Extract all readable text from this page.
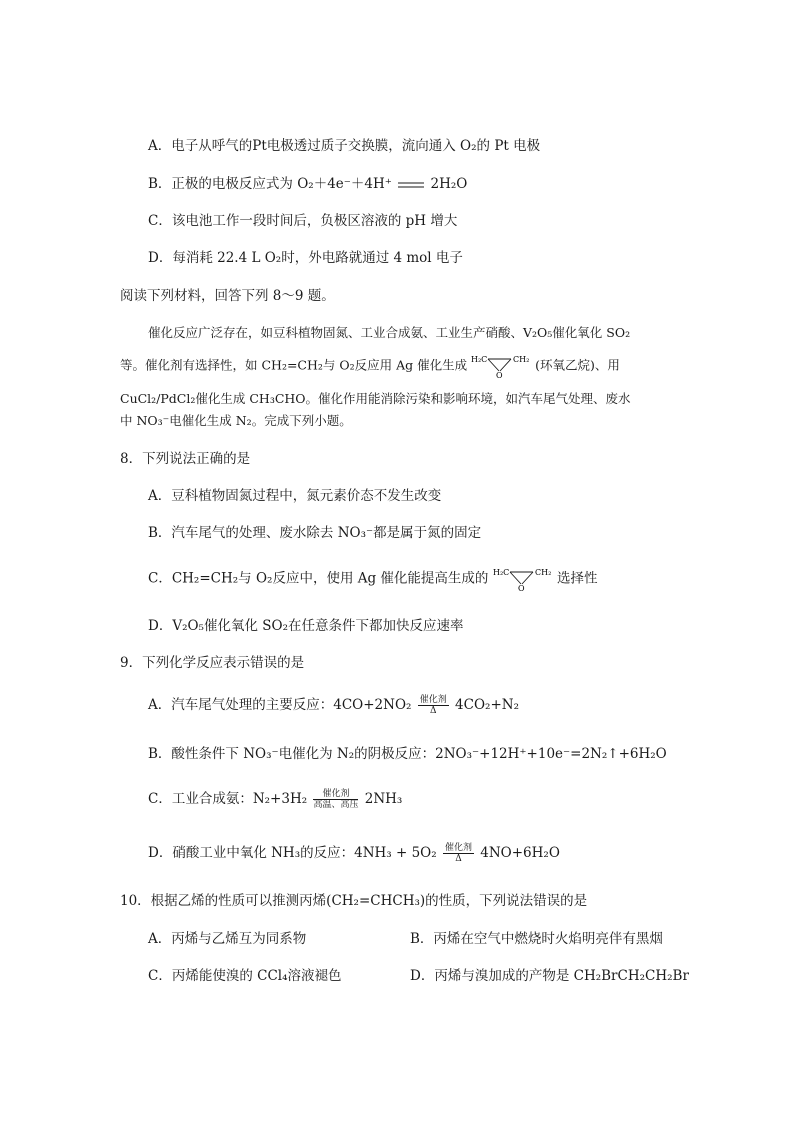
A．电子从呼气的Pt电极透过质子交换膜，流向通入 O₂的 Pt 电极
B．正极的电极反应式为 O₂＋4e⁻＋4H⁺	2H₂O
C．该电池工作一段时间后，负极区溶液的 pH 增大
D．每消耗 22.4 L O₂时，外电路就通过 4 mol 电子
阅读下列材料，回答下列 8～9 题。
催化反应广泛存在，如豆科植物固氮、工业合成氨、工业生产硝酸、V₂O₅催化氧化 SO₂
等。催化剂有选择性，如 CH₂=CH₂与 O₂反应用 Ag 催化生成 H₂C	CH₂
O
(环氧乙烷)、用
CuCl₂/PdCl₂催化生成 CH₃CHO。催化作用能消除污染和影响环境，如汽车尾气处理、废水
中 NO₃⁻电催化生成 N₂。完成下列小题。
8．下列说法正确的是
A．豆科植物固氮过程中，氮元素价态不发生改变
B．汽车尾气的处理、废水除去 NO₃⁻都是属于氮的固定
C．CH₂=CH₂与 O₂反应中，使用 Ag 催化能提高生成的 H₂C	CH₂
O
选择性
D．V₂O₅催化氧化 SO₂在任意条件下都加快反应速率
9．下列化学反应表示错误的是
A．汽车尾气处理的主要反应：4CO+2NO₂ 催化剂
Δ	4CO₂+N₂
B．酸性条件下 NO₃⁻电催化为 N₂的阴极反应：2NO₃⁻+12H⁺+10e⁻=2N₂↑+6H₂O
C．工业合成氨：N₂+3H₂	催化剂
高温、高压 2NH₃
D．硝酸工业中氧化 NH₃的反应：4NH₃ + 5O₂ 催化剂
Δ	4NO+6H₂O
10．根据乙烯的性质可以推测丙烯(CH₂=CHCH₃)的性质，下列说法错误的是
A．丙烯与乙烯互为同系物	B．丙烯在空气中燃烧时火焰明亮伴有黑烟
C．丙烯能使溴的 CCl₄溶液褪色	D．丙烯与溴加成的产物是 CH₂BrCH₂CH₂Br
